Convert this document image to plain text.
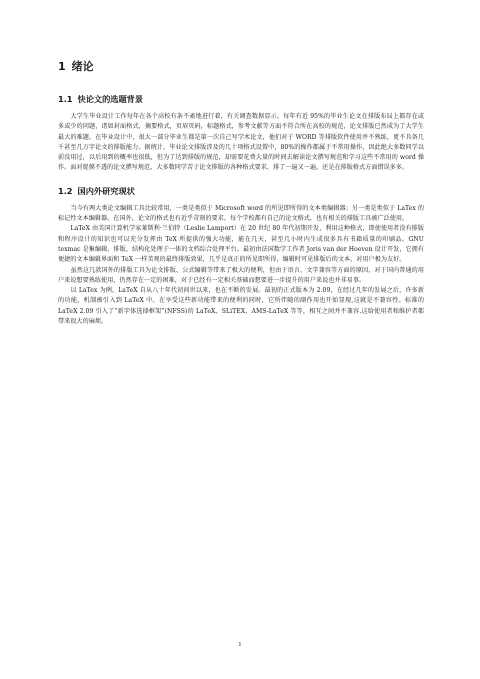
1 绪论
1.1 快论文的选题背景

大学生毕业设计工作每年在各个高校有条不紊地进行着，有关调查数据显示，每年有近 95%的毕业生论文在排版布局上都存在或多或少的问题，诸如封面格式，摘要格式，页眉页码，标题格式，参考文献等方面不符合所在高校的规范，论文排版已然成为了大学生最大的难题。在毕业设计中，很大一部分毕业生都是第一次自己写学术论文，他们对于 WORD 等排版软件使用并不熟练，更不具备几千甚至几万字论文的排版能力。据统计，毕业论文排版涉及的几十项格式设置中，80%的操作都属于不常用操作，因此绝大多数同学以前没用过，以后用到的概率也很低，但为了达到排版的规范，却需要花费大量的时间去解读论文撰写规范和学习这些不常用的 word 操作。面对捉摸不透的论文撰写规范，大多数同学苦于论文排版的各种格式要求，排了一遍又一遍，还是在排版格式方面错误多多。

1.2 国内外研究现状

当今有两大类论文编辑工具比较常用，一类是类似于 Microsoft word 的所见即所得的文本类编辑器；另一类是类似于 LaTex 的标记性文本编辑器。在国外，论文的格式也有近乎苛刻的要求，每个学校都有自己的论文格式，也有相关的排版工具被广泛使用。

LaTeX 由美国计算机学家莱斯利·兰伯特（Leslie Lamport）在 20 世纪 80 年代初期开发，利用这种格式，即使使用者没有排版和程序设计的知识也可以充分发挥由 TeX 所提供的强大功能，能在几天，甚至几小时内生成很多具有书籍质量的印刷品。GNU texmac 是集编辑、排版、结构化处理于一体的文档综合处理平台。最初由法国数学工作者 Joris van der Hoeven 设计开发，它拥有便捷的文本编辑界面和 TeX 一样美观的最终排版效果，几乎是真正的所见即所得，编辑时可见排版后的文本，对用户极为友好。

虽然这几款国外的排版工具为论文排版、公式编辑等带来了极大的便利，但由于语言、文字兼容等方面的原因，对于国内普通的用户来说想要熟练使用，仍然存在一定的困难，对于已经有一定相关基础而想要进一步提升的用户来说也并非易事。

以 LaTex 为例，LaTeX 自从八十年代初问世以来，也在不断的发展。最初的正式版本为 2.09，在经过几年的发展之后，许多新的功能，机制被引入到 LaTeX 中。在享受这些新功能带来的便利的同时，它所伴随的副作用也开始显现,这就是不兼容性。标准的 LaTeX 2.09 引入了“新字体选择框架”(NFSS)的 LaTeX、SLiTEX，AMS-LaTeX 等等，相互之间并不兼容.这给使用者和维护者都带来很大的麻烦。

1
